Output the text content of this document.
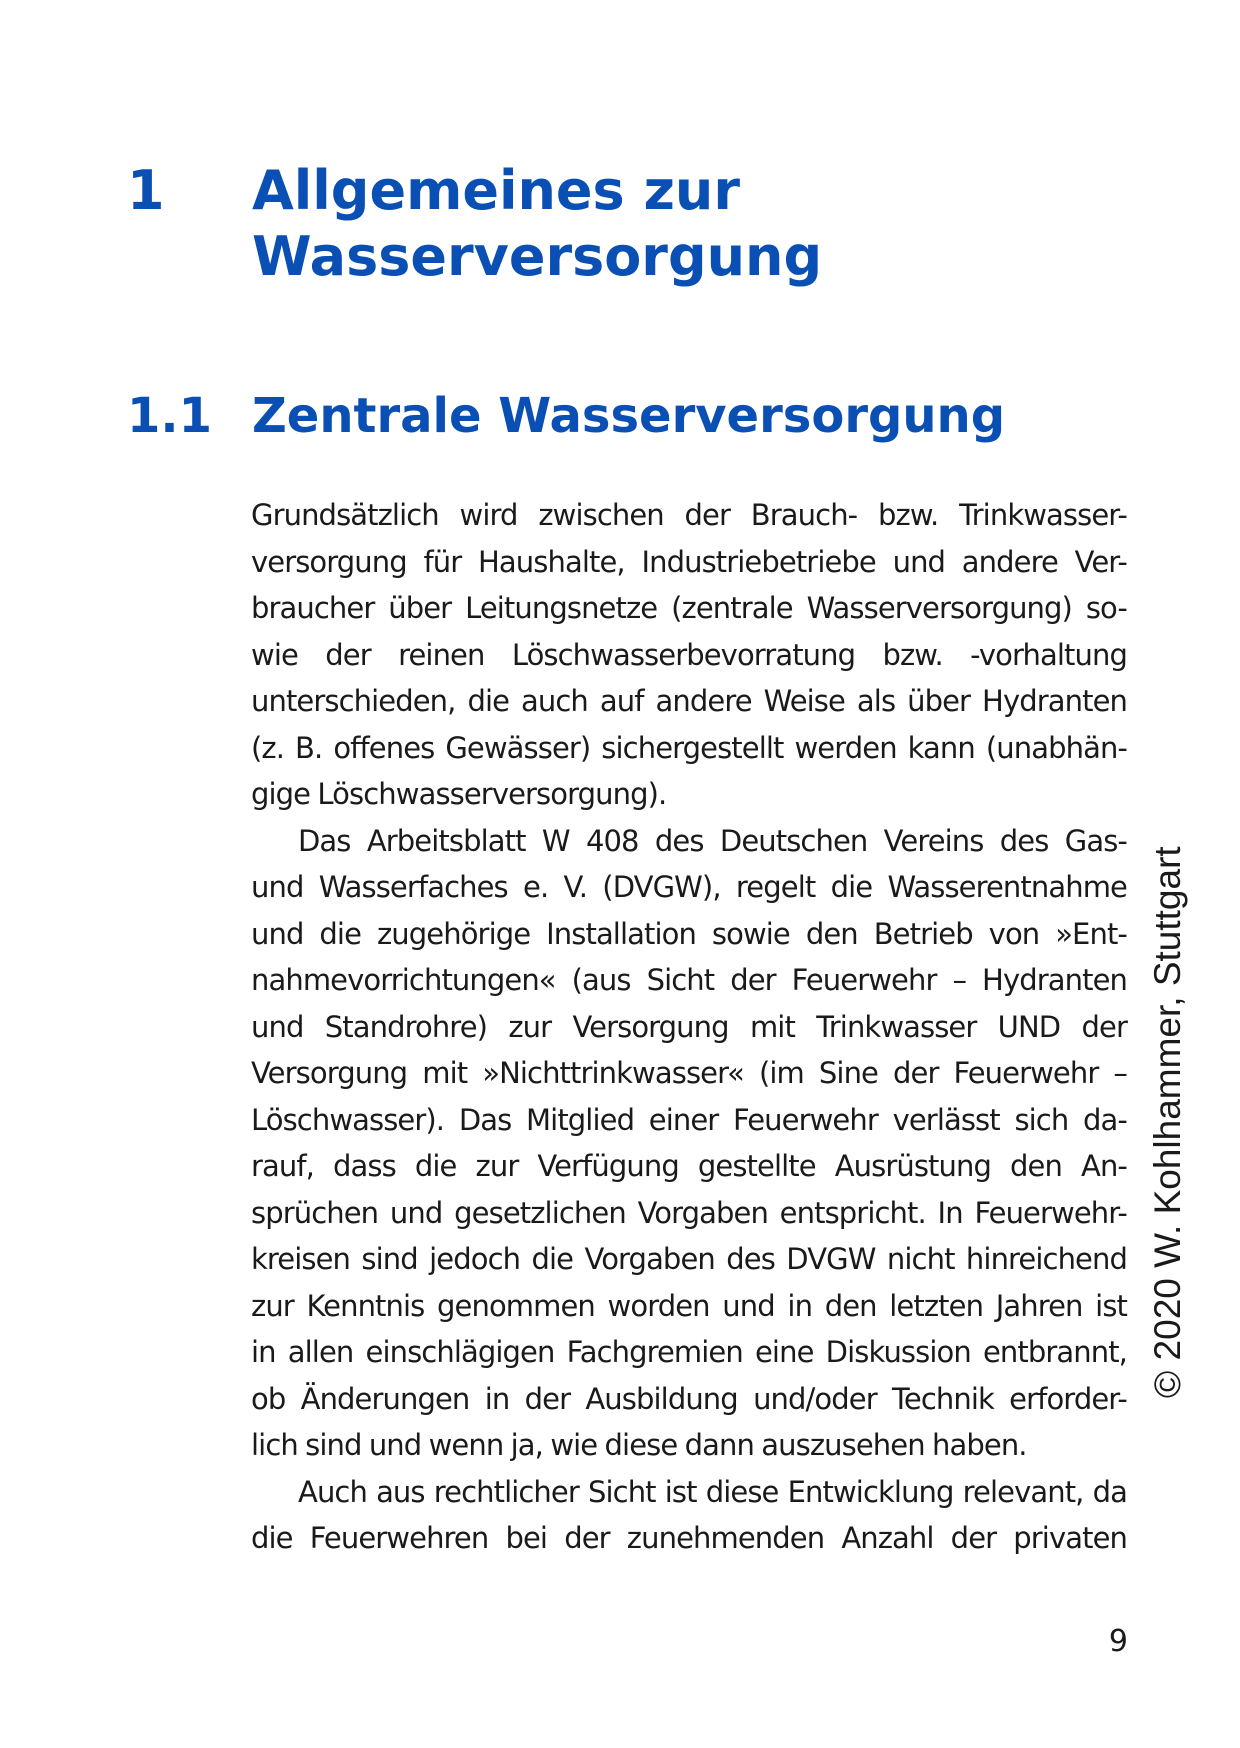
1 Allgemeines zur
Wasserversorgung
1.1 Zentrale Wasserversorgung
Grundsätzlich wird zwischen der Brauch- bzw. Trinkwasser-
versorgung für Haushalte, Industriebetriebe und andere Ver-
braucher über Leitungsnetze (zentrale Wasserversorgung) so-
wie der reinen Löschwasserbevorratung bzw. -vorhaltung
unterschieden, die auch auf andere Weise als über Hydranten
(z. B. offenes Gewässer) sichergestellt werden kann (unabhän-
gige Löschwasserversorgung).
Das Arbeitsblatt W 408 des Deutschen Vereins des Gas-
und Wasserfaches e. V. (DVGW), regelt die Wasserentnahme
und die zugehörige Installation sowie den Betrieb von »Ent-
nahmevorrichtungen« (aus Sicht der Feuerwehr – Hydranten
und Standrohre) zur Versorgung mit Trinkwasser UND der
Versorgung mit »Nichttrinkwasser« (im Sine der Feuerwehr –
Löschwasser). Das Mitglied einer Feuerwehr verlässt sich da-
rauf, dass die zur Verfügung gestellte Ausrüstung den An-
sprüchen und gesetzlichen Vorgaben entspricht. In Feuerwehr-
kreisen sind jedoch die Vorgaben des DVGW nicht hinreichend
zur Kenntnis genommen worden und in den letzten Jahren ist
in allen einschlägigen Fachgremien eine Diskussion entbrannt,
ob Änderungen in der Ausbildung und/oder Technik erforder-
lich sind und wenn ja, wie diese dann auszusehen haben.
Auch aus rechtlicher Sicht ist diese Entwicklung relevant, da
die Feuerwehren bei der zunehmenden Anzahl der privaten
© 2020 W. Kohlhammer, Stuttgart
9
